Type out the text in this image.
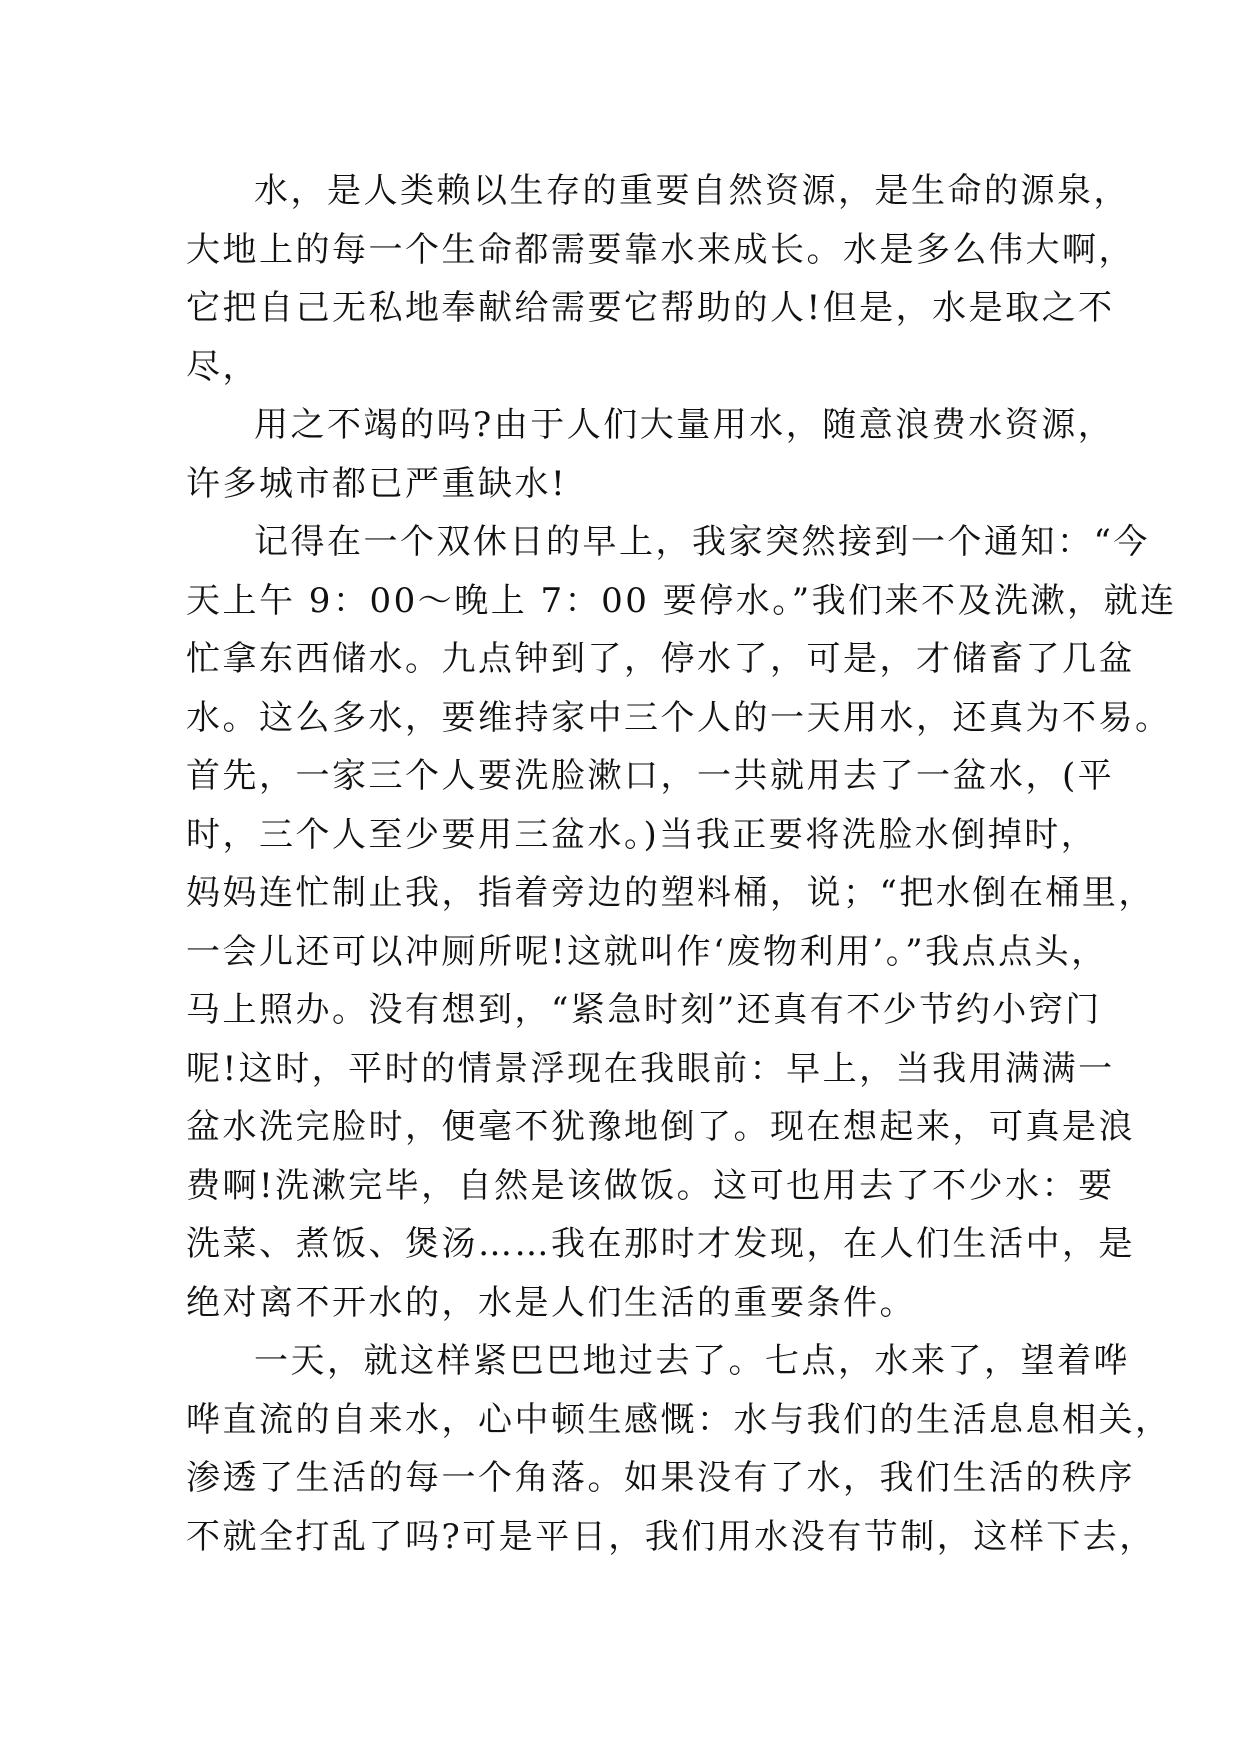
水，是人类赖以生存的重要自然资源，是生命的源泉，
大地上的每一个生命都需要靠水来成长。水是多么伟大啊，
它把自己无私地奉献给需要它帮助的人!但是，水是取之不
尽，
用之不竭的吗?由于人们大量用水，随意浪费水资源，
许多城市都已严重缺水!
记得在一个双休日的早上，我家突然接到一个通知：“今
天上午 9：00～晚上 7：00 要停水。”我们来不及洗漱，就连
忙拿东西储水。九点钟到了，停水了，可是，才储畜了几盆
水。这么多水，要维持家中三个人的一天用水，还真为不易。
首先，一家三个人要洗脸漱口，一共就用去了一盆水，(平
时，三个人至少要用三盆水。)当我正要将洗脸水倒掉时，
妈妈连忙制止我，指着旁边的塑料桶，说；“把水倒在桶里，
一会儿还可以冲厕所呢!这就叫作‘废物利用’。”我点点头，
马上照办。没有想到，“紧急时刻”还真有不少节约小窍门
呢!这时，平时的情景浮现在我眼前：早上，当我用满满一
盆水洗完脸时，便毫不犹豫地倒了。现在想起来，可真是浪
费啊!洗漱完毕，自然是该做饭。这可也用去了不少水：要
洗菜、煮饭、煲汤……我在那时才发现，在人们生活中，是
绝对离不开水的，水是人们生活的重要条件。
一天，就这样紧巴巴地过去了。七点，水来了，望着哗
哗直流的自来水，心中顿生感慨：水与我们的生活息息相关，
渗透了生活的每一个角落。如果没有了水，我们生活的秩序
不就全打乱了吗?可是平日，我们用水没有节制，这样下去，
